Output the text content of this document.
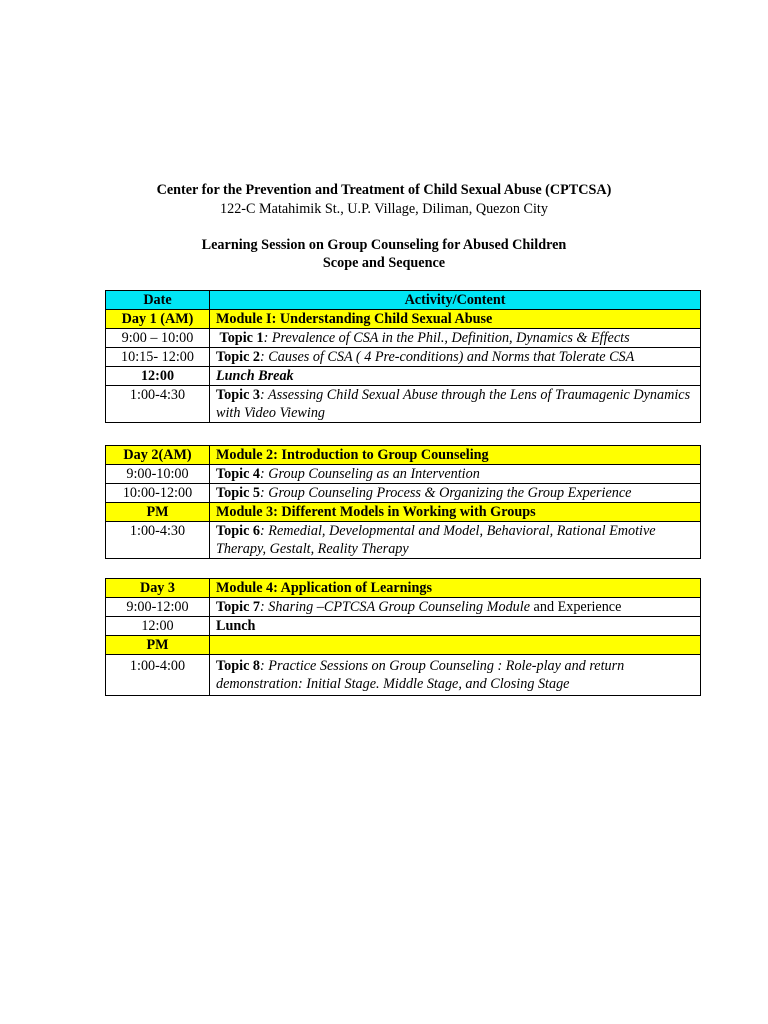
Center for the Prevention and Treatment of Child Sexual Abuse (CPTCSA)
122-C Matahimik St., U.P. Village, Diliman, Quezon City
Learning Session on Group Counseling for Abused Children
Scope and Sequence
Date	Activity/Content
Day 1 (AM)	Module I: Understanding Child Sexual Abuse
9:00 – 10:00	Topic 1: Prevalence of CSA in the Phil., Definition, Dynamics & Effects
10:15- 12:00	Topic 2: Causes of CSA ( 4 Pre-conditions) and Norms that Tolerate CSA
12:00	Lunch Break
1:00-4:30	Topic 3: Assessing Child Sexual Abuse through the Lens of Traumagenic Dynamics with Video Viewing
Day 2(AM)	Module 2: Introduction to Group Counseling
9:00-10:00	Topic 4: Group Counseling as an Intervention
10:00-12:00	Topic 5: Group Counseling Process & Organizing the Group Experience
PM	Module 3: Different Models in Working with Groups
1:00-4:30	Topic 6: Remedial, Developmental and Model, Behavioral, Rational Emotive Therapy, Gestalt, Reality Therapy
Day 3	Module 4: Application of Learnings
9:00-12:00	Topic 7: Sharing –CPTCSA Group Counseling Module and Experience
12:00	Lunch
PM	
1:00-4:00	Topic 8: Practice Sessions on Group Counseling : Role-play and return demonstration: Initial Stage. Middle Stage, and Closing Stage
